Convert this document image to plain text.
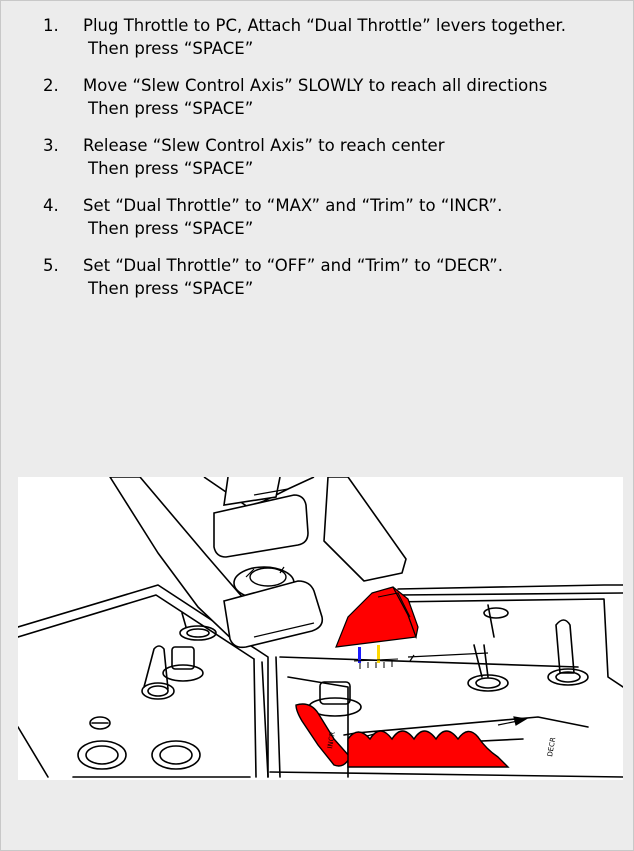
1. Plug Throttle to PC, Attach “Dual Throttle” levers together.
Then press “SPACE”
2. Move “Slew Control Axis” SLOWLY to reach all directions
Then press “SPACE”
3. Release “Slew Control Axis” to reach center
Then press “SPACE”
4. Set “Dual Throttle” to “MAX” and “Trim” to “INCR”.
Then press “SPACE”
5. Set “Dual Throttle” to “OFF” and “Trim” to “DECR”.
Then press “SPACE”
INCR	DECR
